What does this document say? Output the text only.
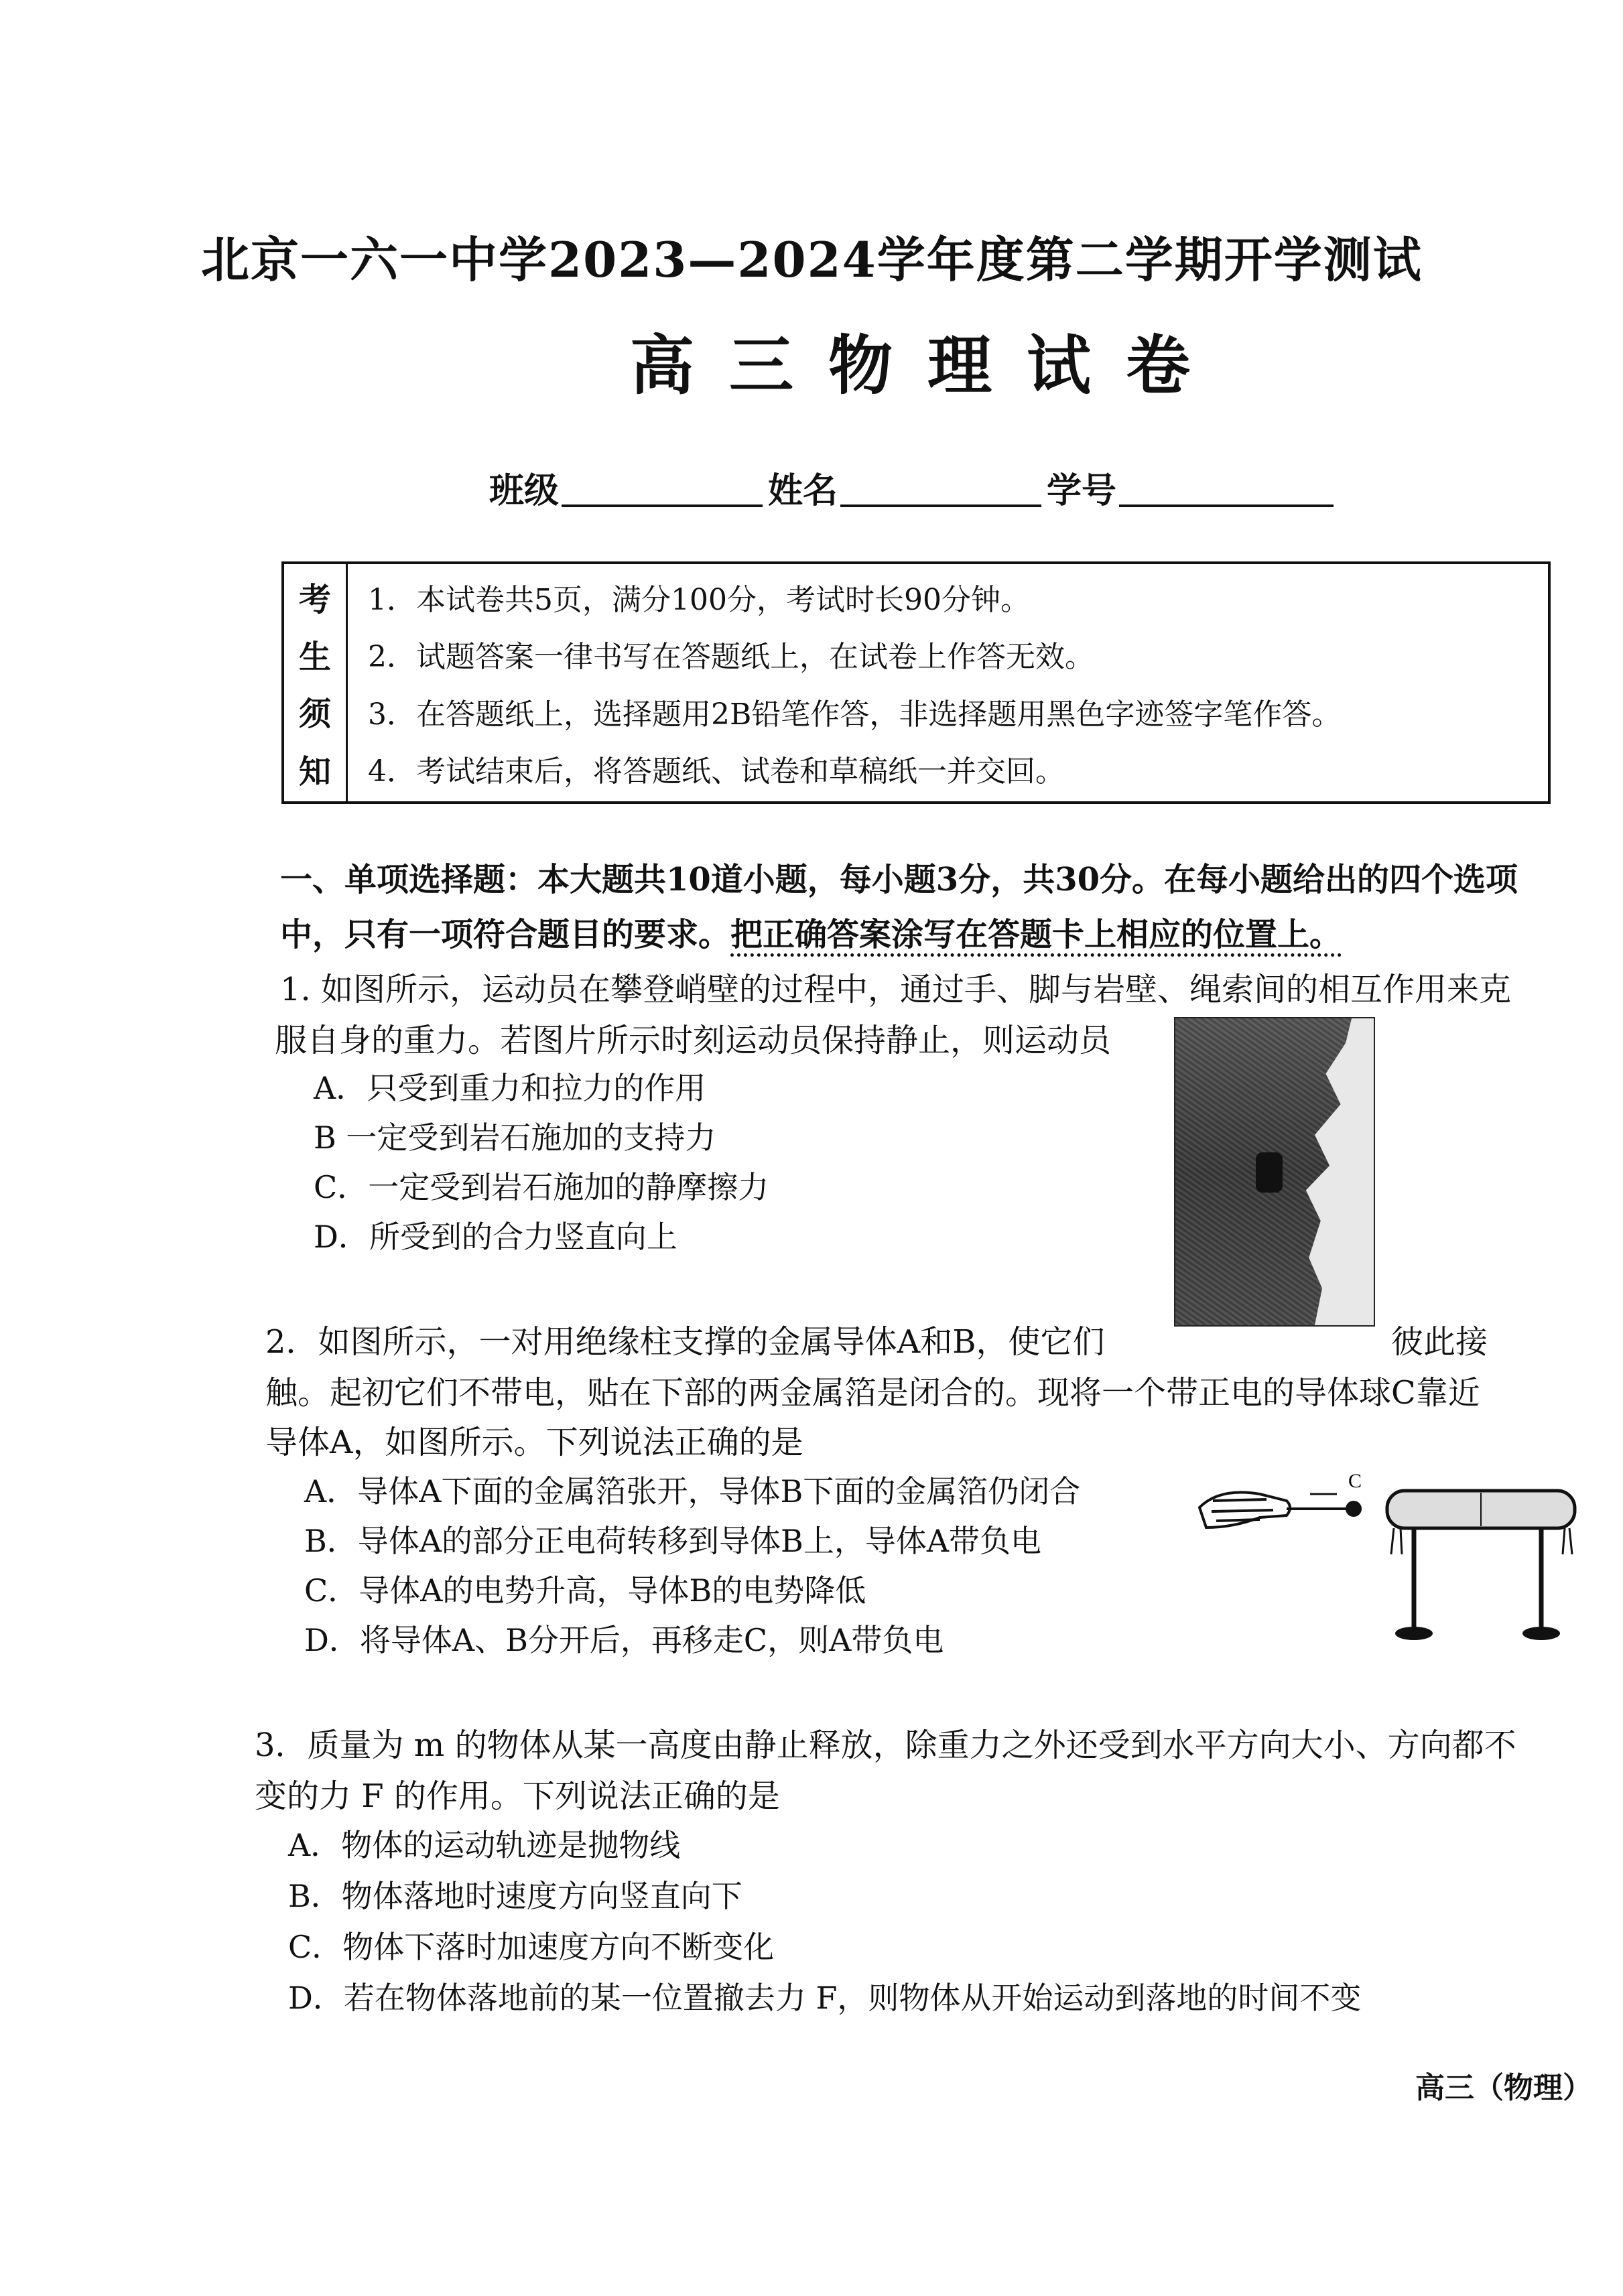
北京一六一中学2023—2024学年度第二学期开学测试
高三物理试卷
班级	姓名	学号
考
生
须
知
1．本试卷共5页，满分100分，考试时长90分钟。
2．试题答案一律书写在答题纸上，在试卷上作答无效。
3．在答题纸上，选择题用2B铅笔作答，非选择题用黑色字迹签字笔作答。
4．考试结束后，将答题纸、试卷和草稿纸一并交回。
一、单项选择题：本大题共10道小题，每小题3分，共30分。在每小题给出的四个选项中，只有一项符合题目的要求。把正确答案涂写在答题卡上相应的位置上。
1. 如图所示，运动员在攀登峭壁的过程中，通过手、脚与岩壁、绳索间的相互作用来克
服自身的重力。若图片所示时刻运动员保持静止，则运动员
A．只受到重力和拉力的作用
B 一定受到岩石施加的支持力
C．一定受到岩石施加的静摩擦力
D．所受到的合力竖直向上
2．如图所示，一对用绝缘柱支撑的金属导体A和B，使它们	彼此接
触。起初它们不带电，贴在下部的两金属箔是闭合的。现将一个带正电的导体球C靠近
导体A，如图所示。下列说法正确的是
A．导体A下面的金属箔张开，导体B下面的金属箔仍闭合
B．导体A的部分正电荷转移到导体B上，导体A带负电
C．导体A的电势升高，导体B的电势降低
D．将导体A、B分开后，再移走C，则A带负电
C
3．质量为 m 的物体从某一高度由静止释放，除重力之外还受到水平方向大小、方向都不
变的力 F 的作用。下列说法正确的是
A．物体的运动轨迹是抛物线
B．物体落地时速度方向竖直向下
C．物体下落时加速度方向不断变化
D．若在物体落地前的某一位置撤去力 F，则物体从开始运动到落地的时间不变
高三（物理）
